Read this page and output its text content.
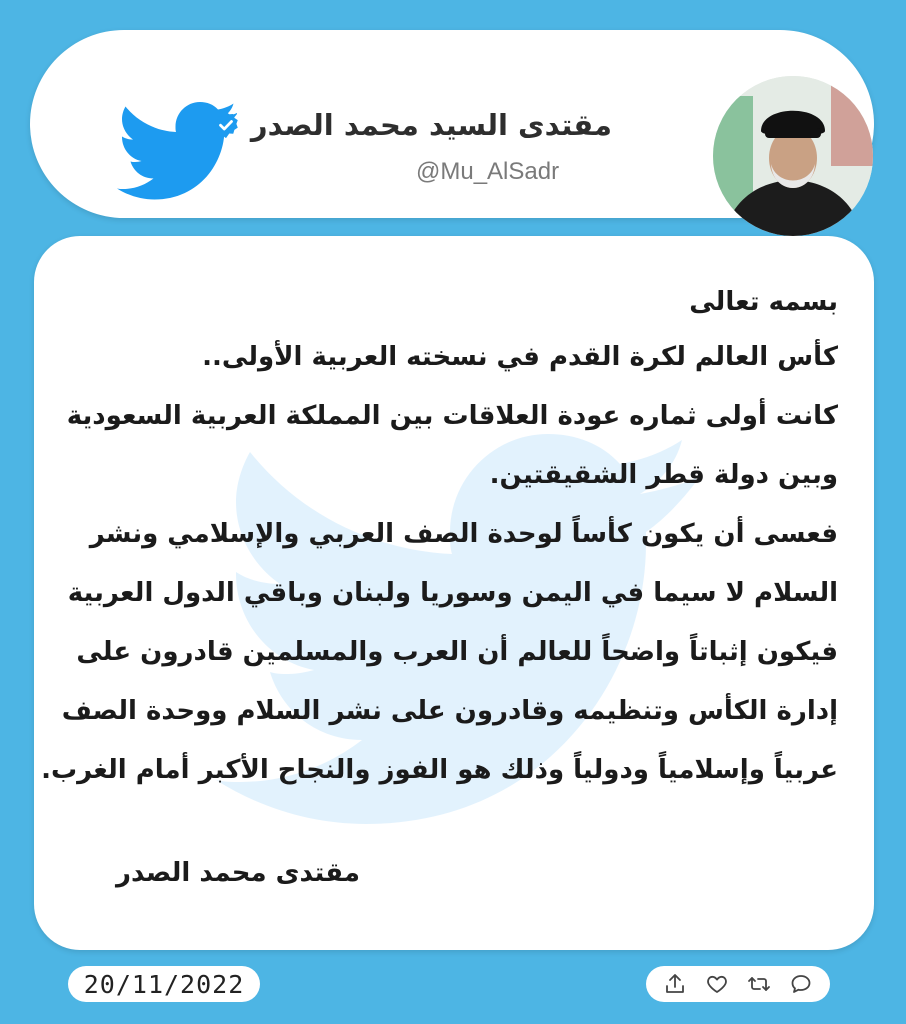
مقتدى السيد محمد الصدر
@Mu_AlSadr
بسمه تعالى
كأس العالم لكرة القدم في نسخته العربية الأولى..
كانت أولى ثماره عودة العلاقات بين المملكة العربية السعودية
وبين دولة قطر الشقيقتين.
فعسى أن يكون كأساً لوحدة الصف العربي والإسلامي ونشر
السلام لا سيما في اليمن وسوريا ولبنان وباقي الدول العربية
فيكون إثباتاً واضحاً للعالم أن العرب والمسلمين قادرون على
إدارة الكأس وتنظيمه وقادرون على نشر السلام ووحدة الصف
عربياً وإسلامياً ودولياً وذلك هو الفوز والنجاح الأكبر أمام الغرب.
مقتدى محمد الصدر
20/11/2022
